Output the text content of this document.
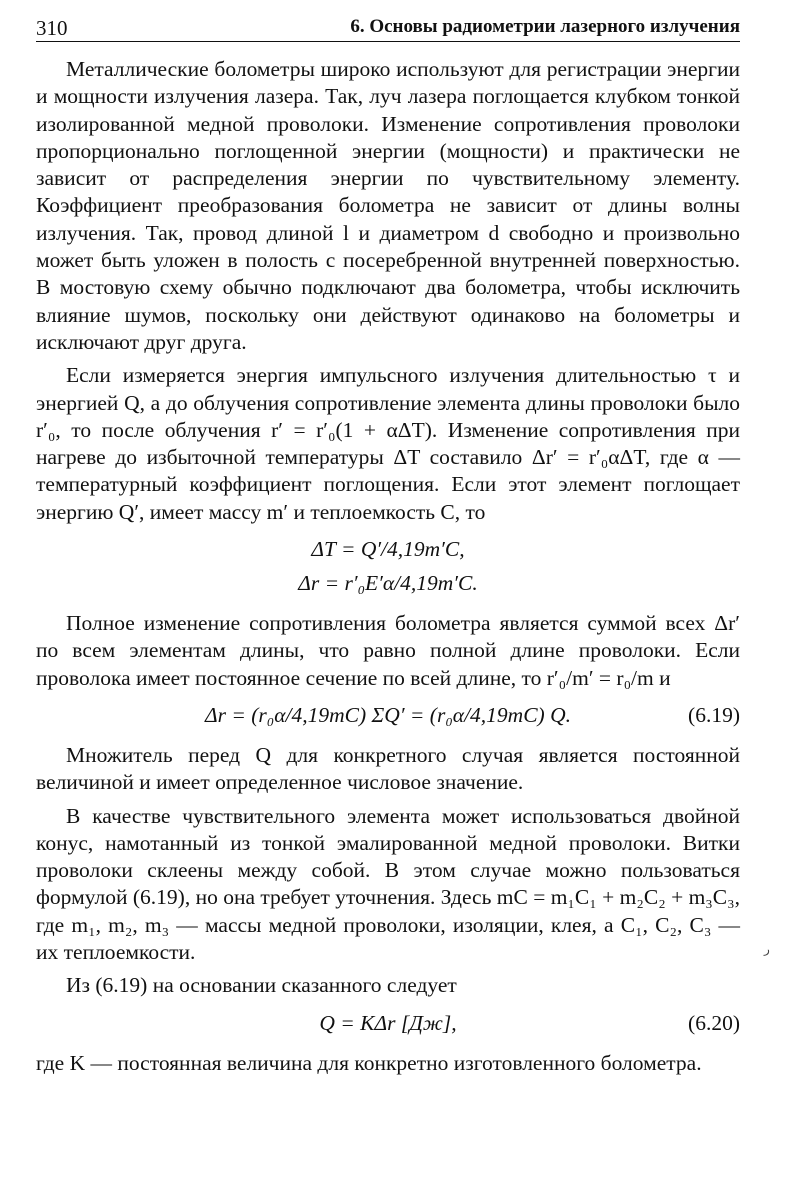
310	6. Основы радиометрии лазерного излучения

Металлические болометры широко используют для регистрации энергии и мощности излучения лазера. Так, луч лазера поглощается клубком тонкой изолированной медной проволоки. Изменение сопротивления проволоки пропорционально поглощенной энергии (мощности) и практически не зависит от распределения энергии по чувствительному элементу. Коэффициент преобразования болометра не зависит от длины волны излучения. Так, провод длиной l и диаметром d свободно и произвольно может быть уложен в полость с посеребренной внутренней поверхностью. В мостовую схему обычно подключают два болометра, чтобы исключить влияние шумов, поскольку они действуют одинаково на болометры и исключают друг друга.

Если измеряется энергия импульсного излучения длительностью τ и энергией Q, а до облучения сопротивление элемента длины проволоки было r′₀, то после облучения r′ = r′₀(1 + αΔT). Изменение сопротивления при нагреве до избыточной температуры ΔT составило Δr′ = r′₀αΔT, где α — температурный коэффициент поглощения. Если этот элемент поглощает энергию Q′, имеет массу m′ и теплоемкость C, то

ΔT = Q′/4,19m′C,
Δr = r′₀E′α/4,19m′C.

Полное изменение сопротивления болометра является суммой всех Δr′ по всем элементам длины, что равно полной длине проволоки. Если проволока имеет постоянное сечение по всей длине, то r′₀/m′ = r₀/m и

Δr = (r₀α/4,19mC) ΣQ′ = (r₀α/4,19mC) Q.	(6.19)

Множитель перед Q для конкретного случая является постоянной величиной и имеет определенное числовое значение.

В качестве чувствительного элемента может использоваться двойной конус, намотанный из тонкой эмалированной медной проволоки. Витки проволоки склеены между собой. В этом случае можно пользоваться формулой (6.19), но она требует уточнения. Здесь mC = m₁C₁ + m₂C₂ + m₃C₃, где m₁, m₂, m₃ — массы медной проволоки, изоляции, клея, а C₁, C₂, C₃ — их теплоемкости.

Из (6.19) на основании сказанного следует

Q = KΔr [Дж],	(6.20)

где K — постоянная величина для конкретно изготовленного болометра.

ر
